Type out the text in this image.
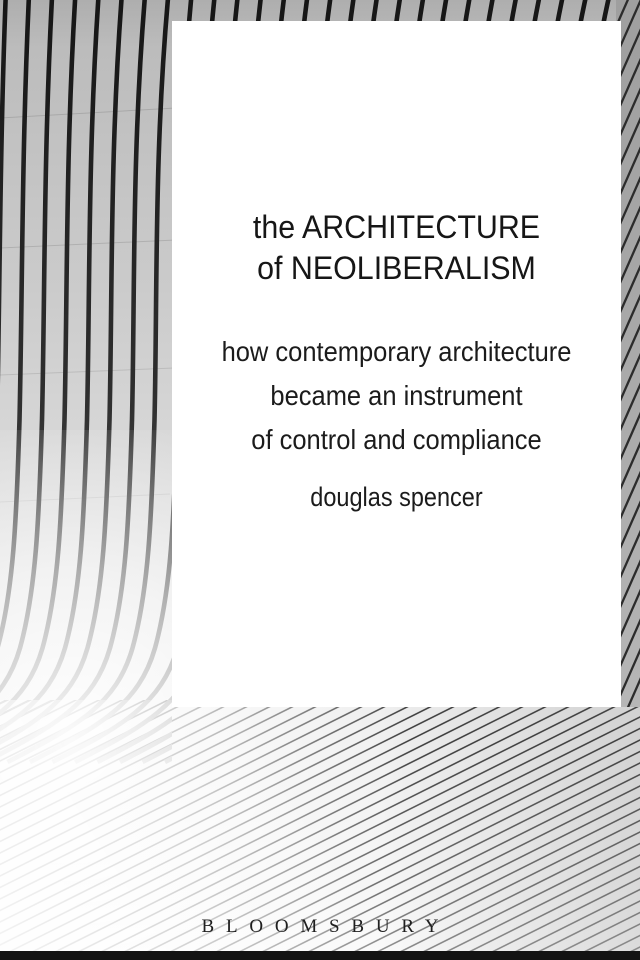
the ARCHITECTURE
of NEOLIBERALISM
how contemporary architecture
became an instrument
of control and compliance
douglas spencer
BLOOMSBURY
